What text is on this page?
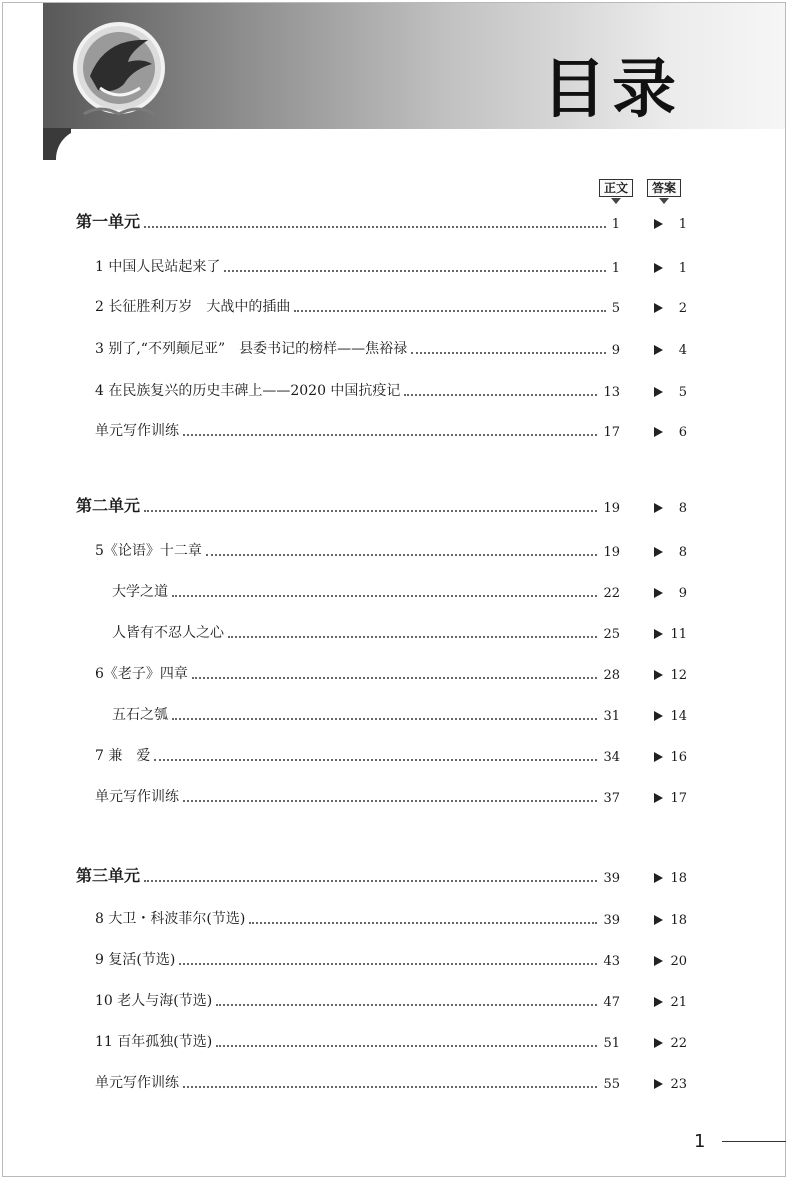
目录
正文	答案
第一单元	1	1
1 中国人民站起来了	1	1
2 长征胜利万岁　大战中的插曲	5	2
3 别了,“不列颠尼亚”　县委书记的榜样——焦裕禄	9	4
4 在民族复兴的历史丰碑上——2020 中国抗疫记	13	5
单元写作训练	17	6
第二单元	19	8
5《论语》十二章	19	8
大学之道	22	9
人皆有不忍人之心	25	11
6《老子》四章	28	12
五石之瓠	31	14
7 兼　爱	34	16
单元写作训练	37	17
第三单元	39	18
8 大卫・科波菲尔(节选)	39	18
9 复活(节选)	43	20
10 老人与海(节选)	47	21
11 百年孤独(节选)	51	22
单元写作训练	55	23
1
